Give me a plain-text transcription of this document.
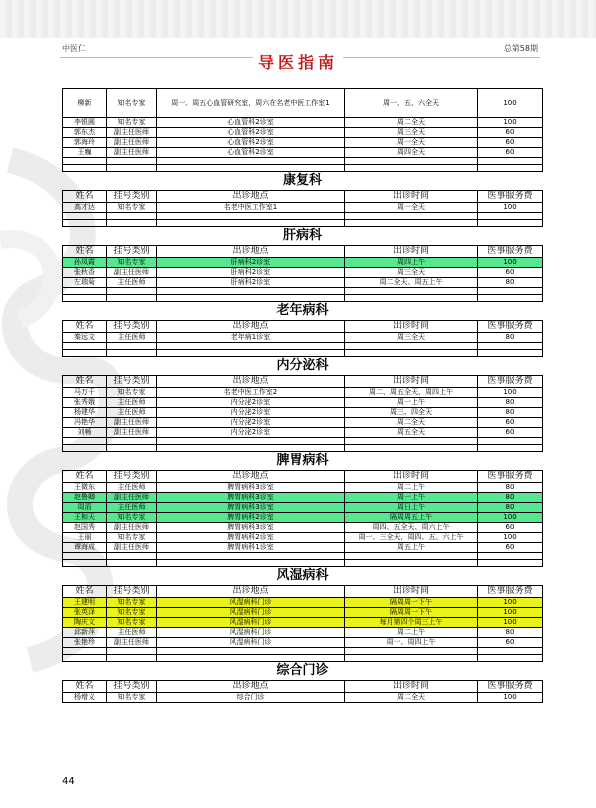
中医仁	总第58期
导医指南
柳新	知名专家	周一、周五心血管研究室，周六在名老中医工作室1	周一、五、六全天	100
李银圆	知名专家	心血管科2诊室	周二全天	100
郭东杰	副主任医师	心血管科2诊室	周三全天	60
郭海玲	副主任医师	心血管科2诊室	周一全天	60
王巍	副主任医师	心血管科2诊室	周四全天	60

康复科				
姓名	挂号类别	出诊地点	出诊时间	医事服务费
高才达	知名专家	名老中医工作室1	周一全天	100

肝病科				
姓名	挂号类别	出诊地点	出诊时间	医事服务费
孙凤霞	知名专家	肝病科2诊室	周四上午	100
张秋香	副主任医师	肝病科2诊室	周三全天	60
左瑞菊	主任医师	肝病科2诊室	周二全天、周五上午	80

老年病科				
姓名	挂号类别	出诊地点	出诊时间	医事服务费
秦远文	主任医师	老年病1诊室	周三全天	80

内分泌科				
姓名	挂号类别	出诊地点	出诊时间	医事服务费
马万千	知名专家	名老中医工作室2	周二、周五全天、周四上午	100
张秀娥	主任医师	内分泌2诊室	周一上午	80
杨建华	主任医师	内分泌2诊室	周三、四全天	80
冯艳华	副主任医师	内分泌2诊室	周二全天	60
刘畅	副主任医师	内分泌2诊室	周五全天	60

脾胃病科				
姓名	挂号类别	出诊地点	出诊时间	医事服务费
王微东	主任医师	脾胃病科3诊室	周二上午	80
赵鲁卿	副主任医师	脾胃病科3诊室	周一上午	80
周滔	主任医师	脾胃病科3诊室	周日上午	80
王和天	知名专家	脾胃病科2诊室	隔周周五上午	100
赵国秀	副主任医师	脾胃病科3诊室	周四、五全天、周六上午	60
王丽	知名专家	脾胃病科2诊室	周一、三全天，周四、五、六上午	100
谭海成	副主任医师	脾胃病科1诊室	周五上午	60

风湿病科				
姓名	挂号类别	出诊地点	出诊时间	医事服务费
王建明	知名专家	风湿病科门诊	隔周周一下午	100
张英泽	知名专家	风湿病科门诊	隔周周一下午	100
陶庆文	知名专家	风湿病科门诊	每月第四个周三上午	100
邱新萍	主任医师	风湿病科门诊	周二上午	80
张艳珍	副主任医师	风湿病科门诊	周一、周四上午	60

综合门诊				
姓名	挂号类别	出诊地点	出诊时间	医事服务费
杨增义	知名专家	综合门诊	周二全天	100
44
